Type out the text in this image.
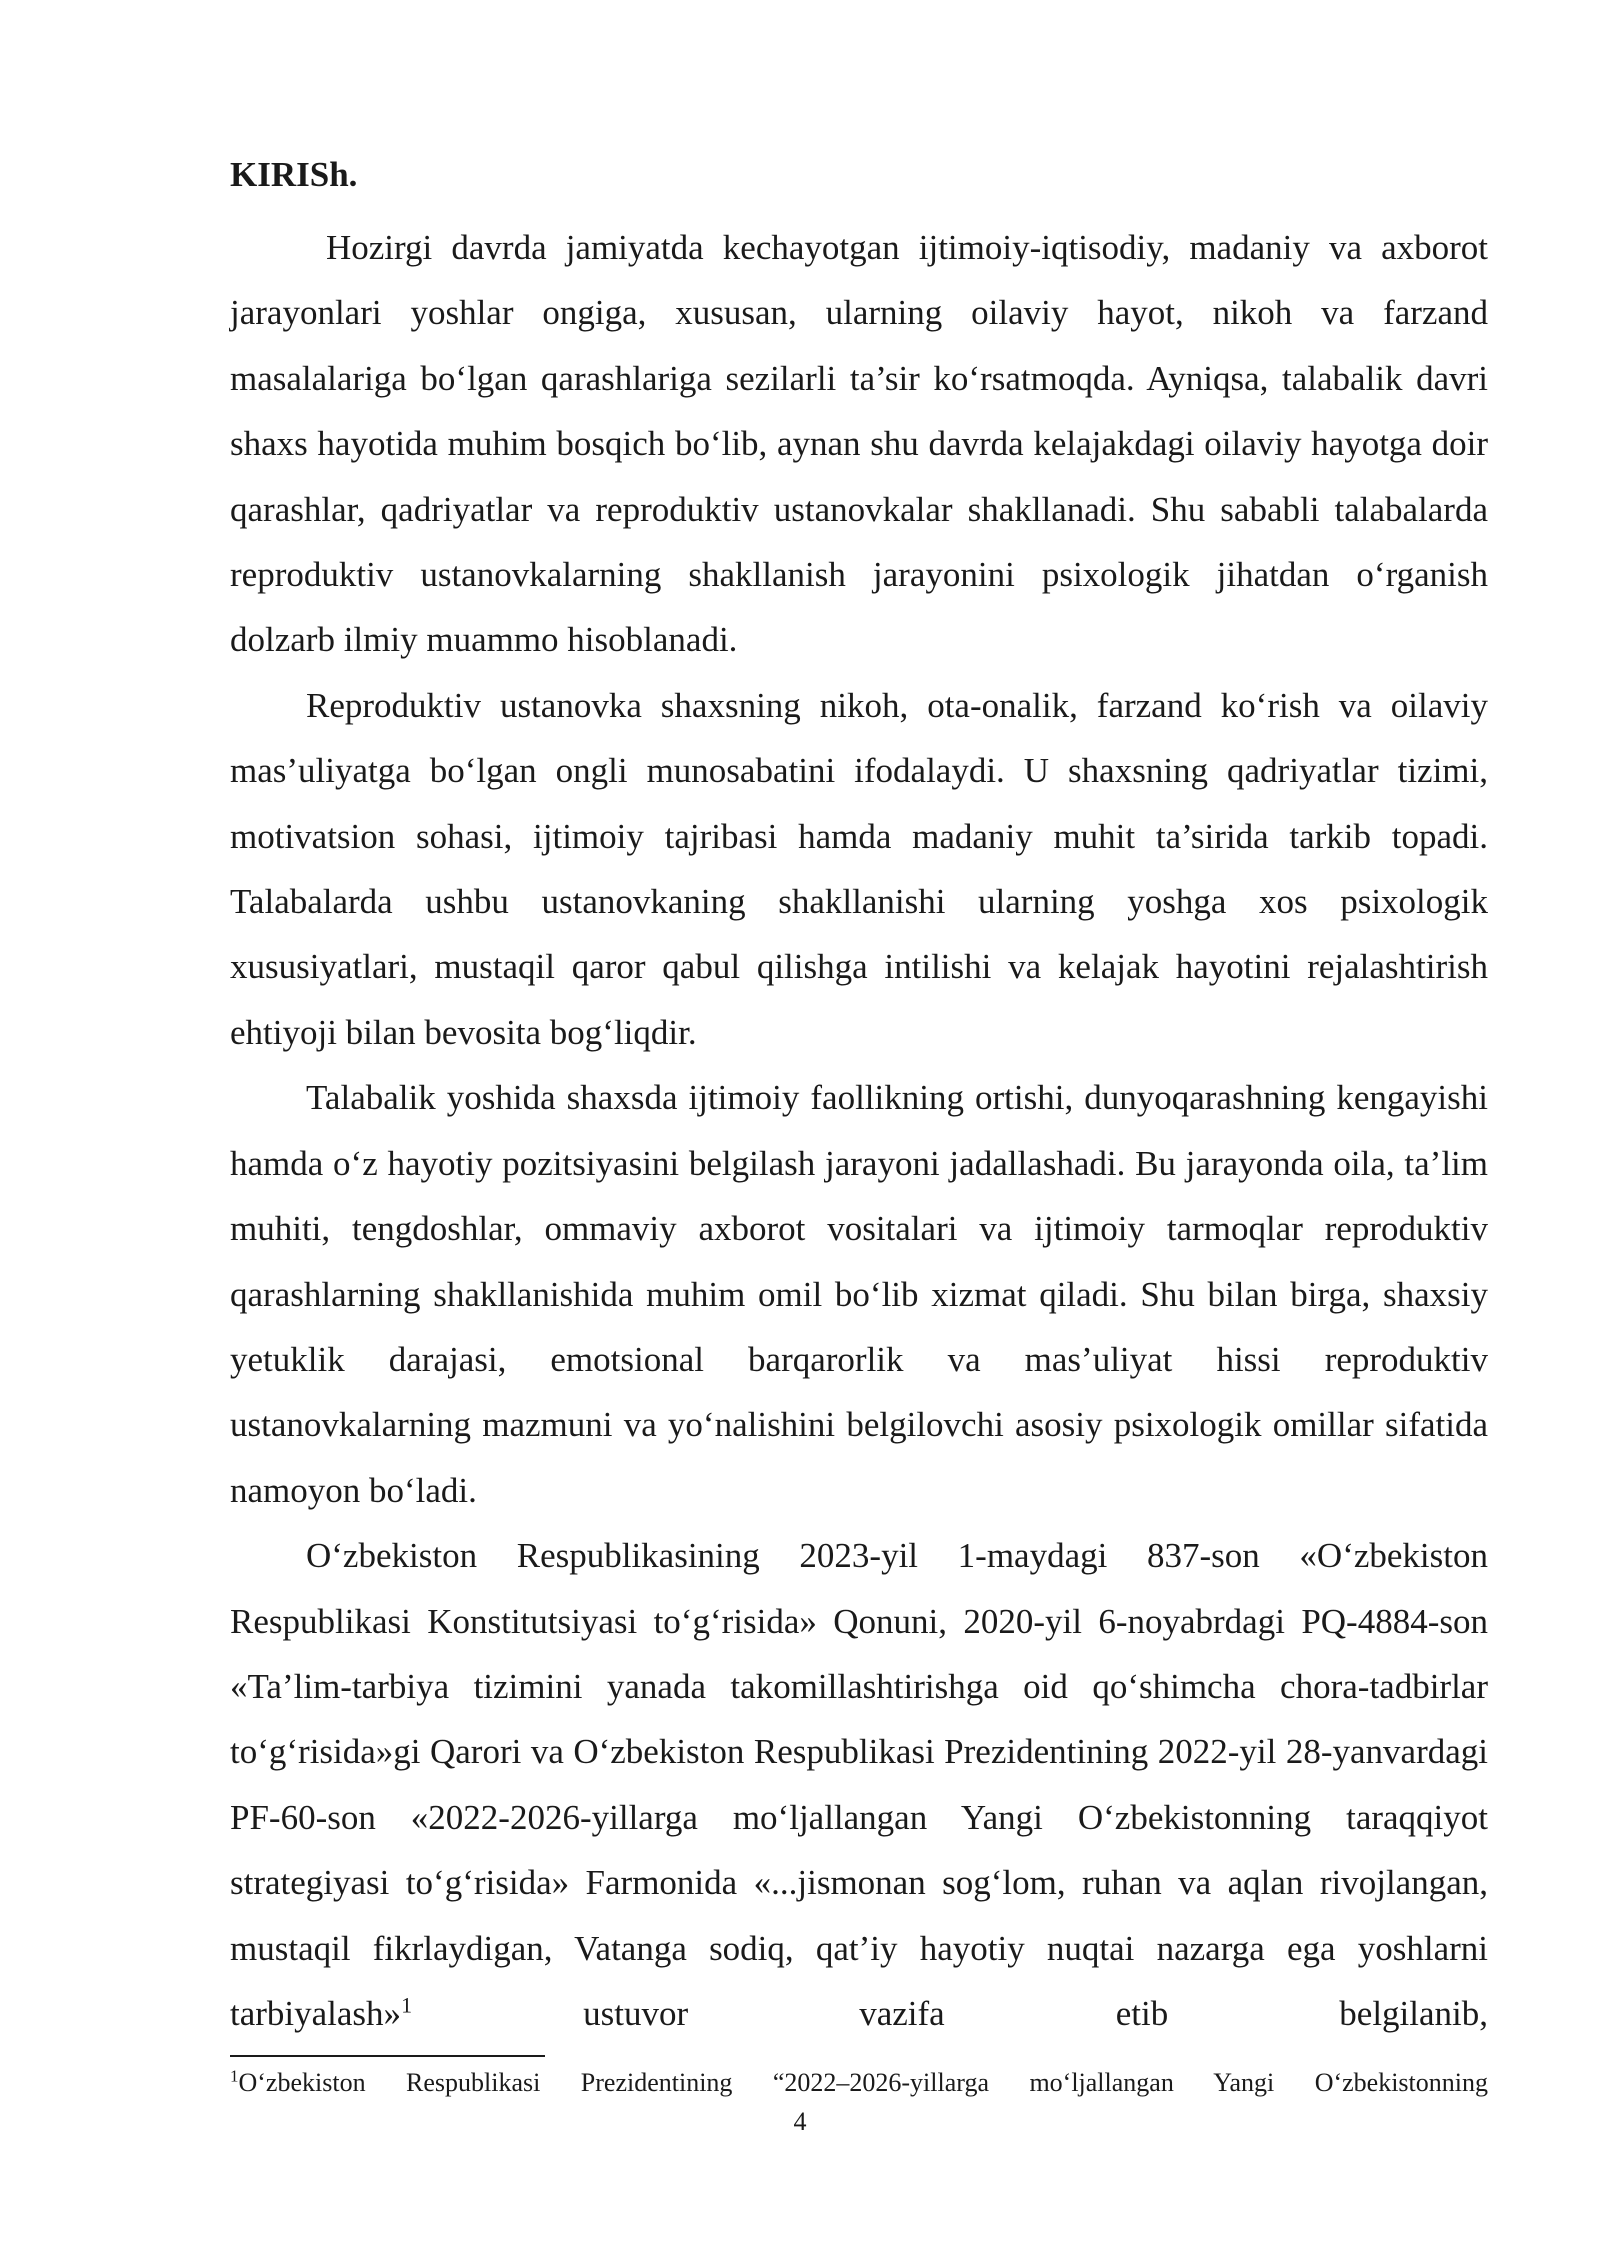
KIRISh.

Hozirgi davrda jamiyatda kechayotgan ijtimoiy-iqtisodiy, madaniy va axborot jarayonlari yoshlar ongiga, xususan, ularning oilaviy hayot, nikoh va farzand masalalariga bo‘lgan qarashlariga sezilarli ta’sir ko‘rsatmoqda. Ayniqsa, talabalik davri shaxs hayotida muhim bosqich bo‘lib, aynan shu davrda kelajakdagi oilaviy hayotga doir qarashlar, qadriyatlar va reproduktiv ustanovkalar shakllanadi. Shu sababli talabalarda reproduktiv ustanovkalarning shakllanish jarayonini psixologik jihatdan o‘rganish dolzarb ilmiy muammo hisoblanadi.

Reproduktiv ustanovka shaxsning nikoh, ota-onalik, farzand ko‘rish va oilaviy mas’uliyatga bo‘lgan ongli munosabatini ifodalaydi. U shaxsning qadriyatlar tizimi, motivatsion sohasi, ijtimoiy tajribasi hamda madaniy muhit ta’sirida tarkib topadi. Talabalarda ushbu ustanovkaning shakllanishi ularning yoshga xos psixologik xususiyatlari, mustaqil qaror qabul qilishga intilishi va kelajak hayotini rejalashtirish ehtiyoji bilan bevosita bog‘liqdir.

Talabalik yoshida shaxsda ijtimoiy faollikning ortishi, dunyoqarashning kengayishi hamda o‘z hayotiy pozitsiyasini belgilash jarayoni jadallashadi. Bu jarayonda oila, ta’lim muhiti, tengdoshlar, ommaviy axborot vositalari va ijtimoiy tarmoqlar reproduktiv qarashlarning shakllanishida muhim omil bo‘lib xizmat qiladi. Shu bilan birga, shaxsiy yetuklik darajasi, emotsional barqarorlik va mas’uliyat hissi reproduktiv ustanovkalarning mazmuni va yo‘nalishini belgilovchi asosiy psixologik omillar sifatida namoyon bo‘ladi.

O‘zbekiston Respublikasining 2023-yil 1-maydagi 837-son «O‘zbekiston Respublikasi Konstitutsiyasi to‘g‘risida» Qonuni, 2020-yil 6-noyabrdagi PQ-4884-son «Ta’lim-tarbiya tizimini yanada takomillashtirishga oid qo‘shimcha chora-tadbirlar to‘g‘risida»gi Qarori va O‘zbekiston Respublikasi Prezidentining 2022-yil 28-yanvardagi PF-60-son «2022-2026-yillarga mo‘ljallangan Yangi O‘zbekistonning taraqqiyot strategiyasi to‘g‘risida» Farmonida «...jismonan sog‘lom, ruhan va aqlan rivojlangan, mustaqil fikrlaydigan, Vatanga sodiq, qat’iy hayotiy nuqtai nazarga ega yoshlarni tarbiyalash»$^1$ ustuvor vazifa etib belgilanib,

$^1$O‘zbekiston Respublikasi Prezidentining “2022–2026-yillarga mo‘ljallangan Yangi O‘zbekistonning
4
